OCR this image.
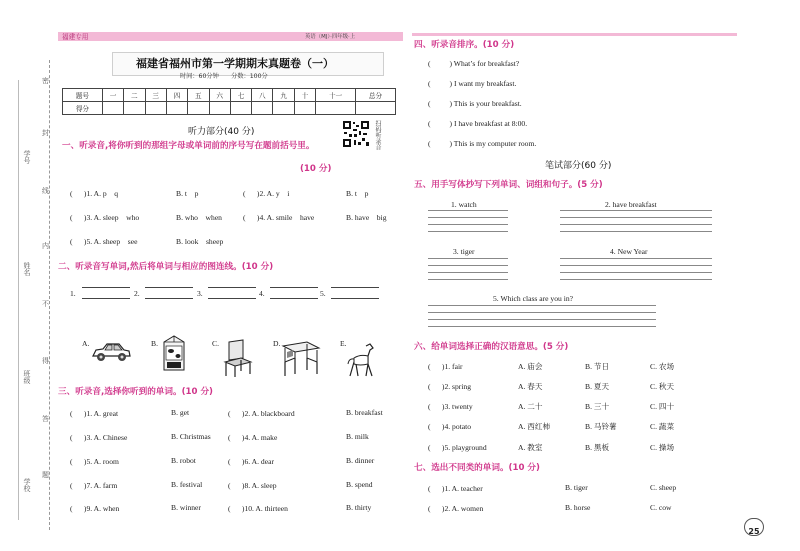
密
封
线
内
不
得
答
题
学号
姓名
班级
学校
福建专用	英语（MJ）·四年级·上
福建省福州市第一学期期末真题卷（一）
时间：60分钟　　分数：100分
题号	一	二	三	四	五	六	七	八	九	十	十一	总分
得分												
扫码听录音
听力部分(40 分)
一、听录音,将你听到的那组字母或单词前的序号写在题前括号里。
(10 分)
( 　 )1. A. p　q	B. t　p	( 　 )2. A. y　i	B. t　p
( 　 )3. A. sleep　who	B. who　when	( 　 )4. A. smile　have	B. have　big
( 　 )5. A. sheep　see	B. look　sheep
二、听录音写单词,然后将单词与相应的图连线。(10 分)
1.	2.	3.	4.	5.
A.	B.	C.	D.	E.
三、听录音,选择你听到的单词。(10 分)
( 　 )1. A. great	B. get	( 　 )2. A. blackboard	B. breakfast
( 　 )3. A. Chinese	B. Christmas ( 　 )4. A. make	B. milk
( 　 )5. A. room	B. robot	( 　 )6. A. dear	B. dinner
( 　 )7. A. farm	B. festival	( 　 )8. A. sleep	B. spend
( 　 )9. A. when	B. winner	( 　 )10. A. thirteen	B. thirty
四、听录音排序。(10 分)
( 　　 ) What’s for breakfast?
( 　　 ) I want my breakfast.
( 　　 ) This is your breakfast.
( 　　 ) I have breakfast at 8:00.
( 　　 ) This is my computer room.
笔试部分(60 分)
五、用手写体抄写下列单词、词组和句子。(5 分)
1. watch	2. have breakfast
3. tiger	4. New Year
5. Which class are you in?
六、给单词选择正确的汉语意思。(5 分)
( 　 )1. fair	A. 庙会	B. 节日	C. 农场
( 　 )2. spring	A. 春天	B. 夏天	C. 秋天
( 　 )3. twenty	A. 二十	B. 三十	C. 四十
( 　 )4. potato	A. 西红柿	B. 马铃薯	C. 蔬菜
( 　 )5. playground	A. 教室	B. 黑板	C. 操场
七、选出不同类的单词。(10 分)
( 　 )1. A. teacher	B. tiger	C. sheep
( 　 )2. A. women	B. horse	C. cow
25
